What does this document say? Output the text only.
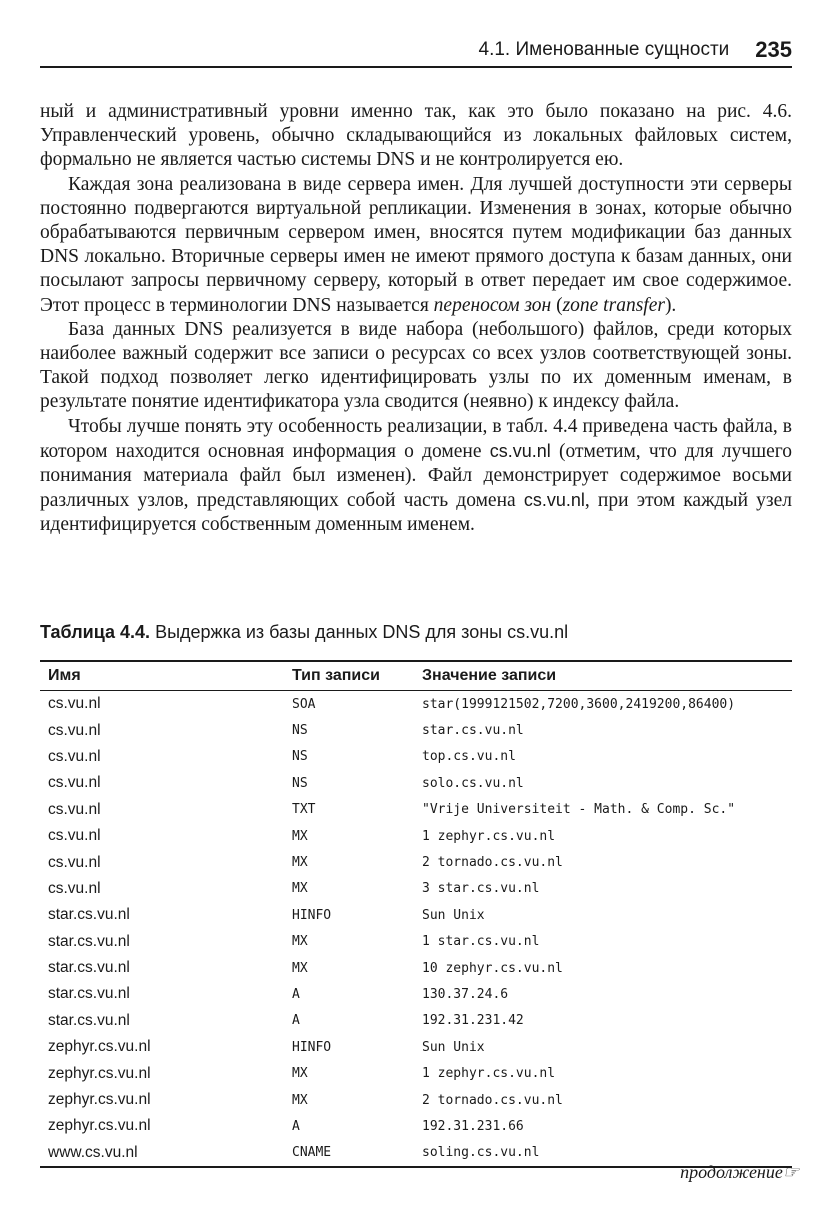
4.1. Именованные сущности 235

ный и административный уровни именно так, как это было показано на рис. 4.6. Управленческий уровень, обычно складывающийся из локальных файловых систем, формально не является частью системы DNS и не контролируется ею.

Каждая зона реализована в виде сервера имен. Для лучшей доступности эти серверы постоянно подвергаются виртуальной репликации. Изменения в зонах, которые обычно обрабатываются первичным сервером имен, вносятся путем модификации баз данных DNS локально. Вторичные серверы имен не имеют прямого доступа к базам данных, они посылают запросы первичному серверу, который в ответ передает им свое содержимое. Этот процесс в терминологии DNS называется переносом зон (zone transfer).

База данных DNS реализуется в виде набора (небольшого) файлов, среди которых наиболее важный содержит все записи о ресурсах со всех узлов соответствующей зоны. Такой подход позволяет легко идентифицировать узлы по их доменным именам, в результате понятие идентификатора узла сводится (неявно) к индексу файла.

Чтобы лучше понять эту особенность реализации, в табл. 4.4 приведена часть файла, в котором находится основная информация о домене cs.vu.nl (отметим, что для лучшего понимания материала файл был изменен). Файл демонстрирует содержимое восьми различных узлов, представляющих собой часть домена cs.vu.nl, при этом каждый узел идентифицируется собственным доменным именем.

Таблица 4.4. Выдержка из базы данных DNS для зоны cs.vu.nl
Имя	Тип записи	Значение записи
cs.vu.nl	SOA	star(1999121502,7200,3600,2419200,86400)
cs.vu.nl	NS	star.cs.vu.nl
cs.vu.nl	NS	top.cs.vu.nl
cs.vu.nl	NS	solo.cs.vu.nl
cs.vu.nl	TXT	"Vrije Universiteit - Math. & Comp. Sc."
cs.vu.nl	MX	1 zephyr.cs.vu.nl
cs.vu.nl	MX	2 tornado.cs.vu.nl
cs.vu.nl	MX	3 star.cs.vu.nl
star.cs.vu.nl	HINFO	Sun Unix
star.cs.vu.nl	MX	1 star.cs.vu.nl
star.cs.vu.nl	MX	10 zephyr.cs.vu.nl
star.cs.vu.nl	A	130.37.24.6
star.cs.vu.nl	A	192.31.231.42
zephyr.cs.vu.nl	HINFO	Sun Unix
zephyr.cs.vu.nl	MX	1 zephyr.cs.vu.nl
zephyr.cs.vu.nl	MX	2 tornado.cs.vu.nl
zephyr.cs.vu.nl	A	192.31.231.66
www.cs.vu.nl	CNAME	soling.cs.vu.nl
продолжение☞
